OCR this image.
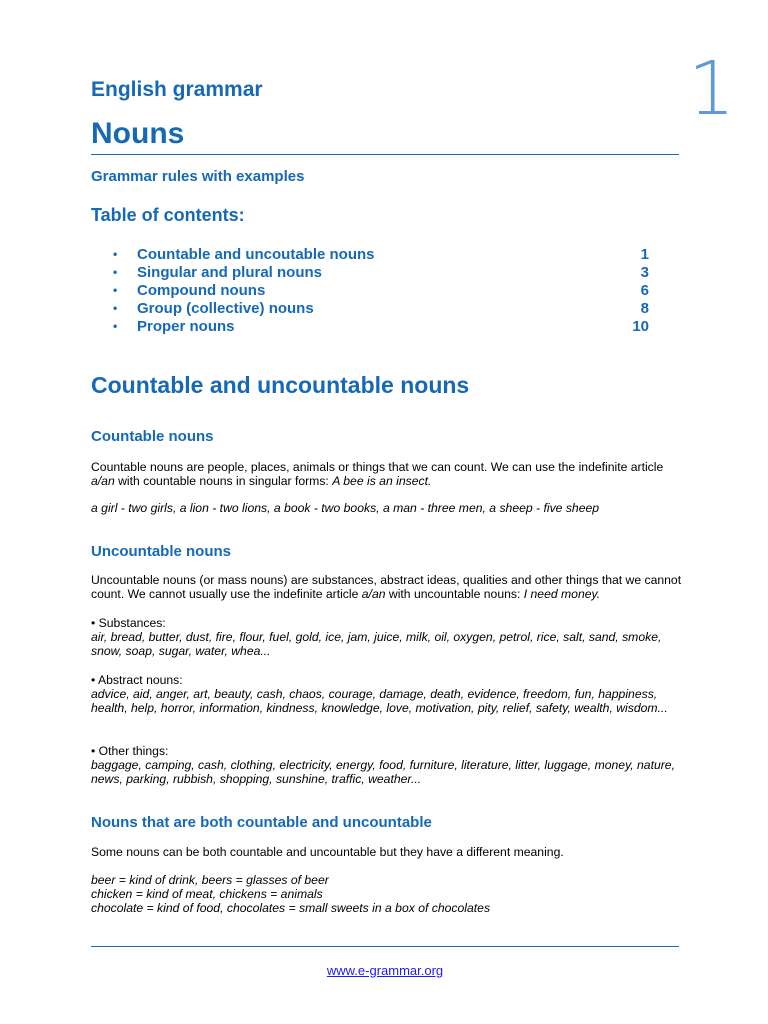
1
English grammar
Nouns
Grammar rules with examples
Table of contents:
•	Countable and uncoutable nouns	1
•	Singular and plural nouns	3
•	Compound nouns	6
•	Group (collective) nouns	8
•	Proper nouns	10
Countable and uncountable nouns
Countable nouns

Countable nouns are people, places, animals or things that we can count. We can use the indefinite article a/an with countable nouns in singular forms: A bee is an insect.

a girl - two girls, a lion - two lions, a book - two books, a man - three men, a sheep - five sheep
Uncountable nouns

Uncountable nouns (or mass nouns) are substances, abstract ideas, qualities and other things that we cannot count. We cannot usually use the indefinite article a/an with uncountable nouns: I need money.

• Substances:

air, bread, butter, dust, fire, flour, fuel, gold, ice, jam, juice, milk, oil, oxygen, petrol, rice, salt, sand, smoke, snow, soap, sugar, water, whea...

• Abstract nouns:

advice, aid, anger, art, beauty, cash, chaos, courage, damage, death, evidence, freedom, fun, happiness, health, help, horror, information, kindness, knowledge, love, motivation, pity, relief, safety, wealth, wisdom...

• Other things:

baggage, camping, cash, clothing, electricity, energy, food, furniture, literature, litter, luggage, money, nature, news, parking, rubbish, shopping, sunshine, traffic, weather...

Nouns that are both countable and uncountable
Some nouns can be both countable and uncountable but they have a different meaning.

beer = kind of drink, beers = glasses of beer

chicken = kind of meat, chickens = animals

chocolate = kind of food, chocolates = small sweets in a box of chocolates

www.e-grammar.org
